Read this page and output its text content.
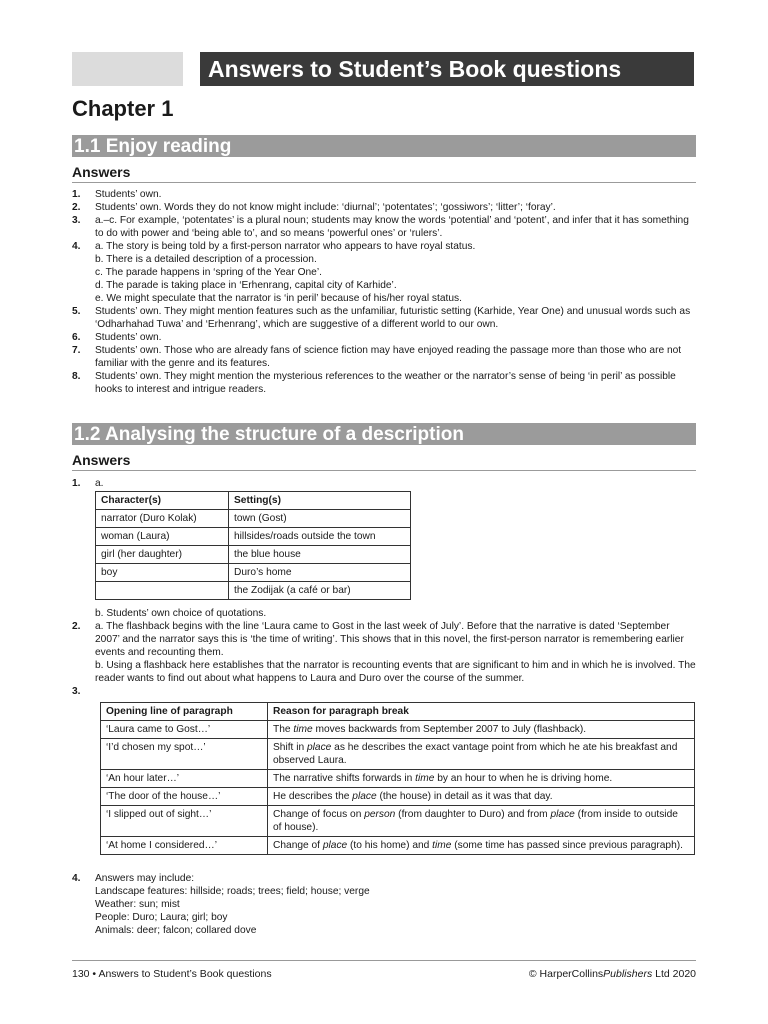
Answers to Student’s Book questions
Chapter 1
1.1 Enjoy reading
Answers
1.	Students’ own.
2.	Students’ own. Words they do not know might include: ‘diurnal’; ‘potentates’; ‘gossiwors’; ‘litter’; ‘foray’.
3.	a.–c. For example, ‘potentates’ is a plural noun; students may know the words ‘potential’ and ‘potent’, and infer that it has something to do with power and ‘being able to’, and so means ‘powerful ones’ or ‘rulers’.
4.	a. The story is being told by a first-person narrator who appears to have royal status.
b. There is a detailed description of a procession.
c. The parade happens in ‘spring of the Year One’.
d. The parade is taking place in ‘Erhenrang, capital city of Karhide’.
e. We might speculate that the narrator is ‘in peril’ because of his/her royal status.
5.	Students’ own. They might mention features such as the unfamiliar, futuristic setting (Karhide, Year One) and unusual words such as ‘Odharhahad Tuwa’ and ‘Erhenrang’, which are suggestive of a different world to our own.
6.	Students’ own.
7.	Students’ own. Those who are already fans of science fiction may have enjoyed reading the passage more than those who are not familiar with the genre and its features.
8.	Students’ own. They might mention the mysterious references to the weather or the narrator’s sense of being ‘in peril’ as possible hooks to interest and intrigue readers.
1.2 Analysing the structure of a description
Answers
1.	a.
Character(s)	Setting(s)
narrator (Duro Kolak)	town (Gost)
woman (Laura)	hillsides/roads outside the town
girl (her daughter)	the blue house
boy	Duro’s home
	the Zodijak (a café or bar)
b. Students’ own choice of quotations.
2.	a. The flashback begins with the line ‘Laura came to Gost in the last week of July’. Before that the narrative is dated ‘September 2007’ and the narrator says this is ‘the time of writing’. This shows that in this novel, the first-person narrator is remembering earlier events and recounting them.
b. Using a flashback here establishes that the narrator is recounting events that are significant to him and in which he is involved. The reader wants to find out about what happens to Laura and Duro over the course of the summer.
3.
Opening line of paragraph	Reason for paragraph break
‘Laura came to Gost…’	The time moves backwards from September 2007 to July (flashback).
‘I’d chosen my spot…’	Shift in place as he describes the exact vantage point from which he ate his breakfast and observed Laura.
‘An hour later…’	The narrative shifts forwards in time by an hour to when he is driving home.
‘The door of the house…’	He describes the place (the house) in detail as it was that day.
‘I slipped out of sight…’	Change of focus on person (from daughter to Duro) and from place (from inside to outside of house).
‘At home I considered…’	Change of place (to his home) and time (some time has passed since previous paragraph).
4.	Answers may include:
Landscape features: hillside; roads; trees; field; house; verge
Weather: sun; mist
People: Duro; Laura; girl; boy
Animals: deer; falcon; collared dove
130 • Answers to Student’s Book questions	© HarperCollinsPublishers Ltd 2020
